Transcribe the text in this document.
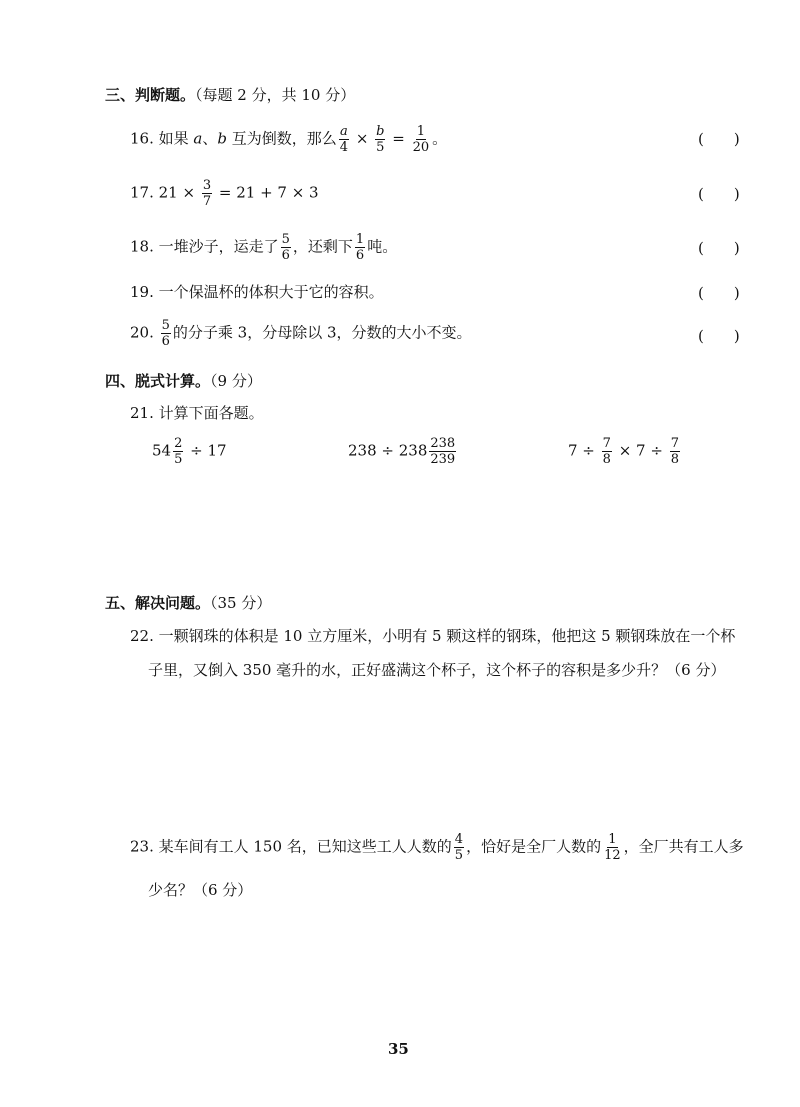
三、判断题。（每题 2 分，共 10 分）
16. 如果 a、b 互为倒数，那么 $\frac{a}{4} \times \frac{b}{5} = \frac{1}{20}$ 。	(　　)
17. $21 \times \frac{3}{7} = 21 + 7 \times 3$	(　　)
18. 一堆沙子，运走了 $\frac{5}{6}$ ，还剩下 $\frac{1}{6}$ 吨。	(　　)
19. 一个保温杯的体积大于它的容积。	(　　)
20. $\frac{5}{6}$ 的分子乘 3，分母除以 3，分数的大小不变。	(　　)
四、脱式计算。（9 分）
21. 计算下面各题。
$54 \frac{2}{5} \div 17$	$238 \div 238 \frac{238}{239}$	$7 \div \frac{7}{8} \times 7 \div \frac{7}{8}$
五、解决问题。（35 分）
22. 一颗钢珠的体积是 10 立方厘米，小明有 5 颗这样的钢珠，他把这 5 颗钢珠放在一个杯
子里，又倒入 350 毫升的水，正好盛满这个杯子，这个杯子的容积是多少升？（6 分）
23. 某车间有工人 150 名，已知这些工人人数的 $\frac{4}{5}$ ，恰好是全厂人数的 $\frac{1}{12}$ ，全厂共有工人多
少名？（6 分）
35
